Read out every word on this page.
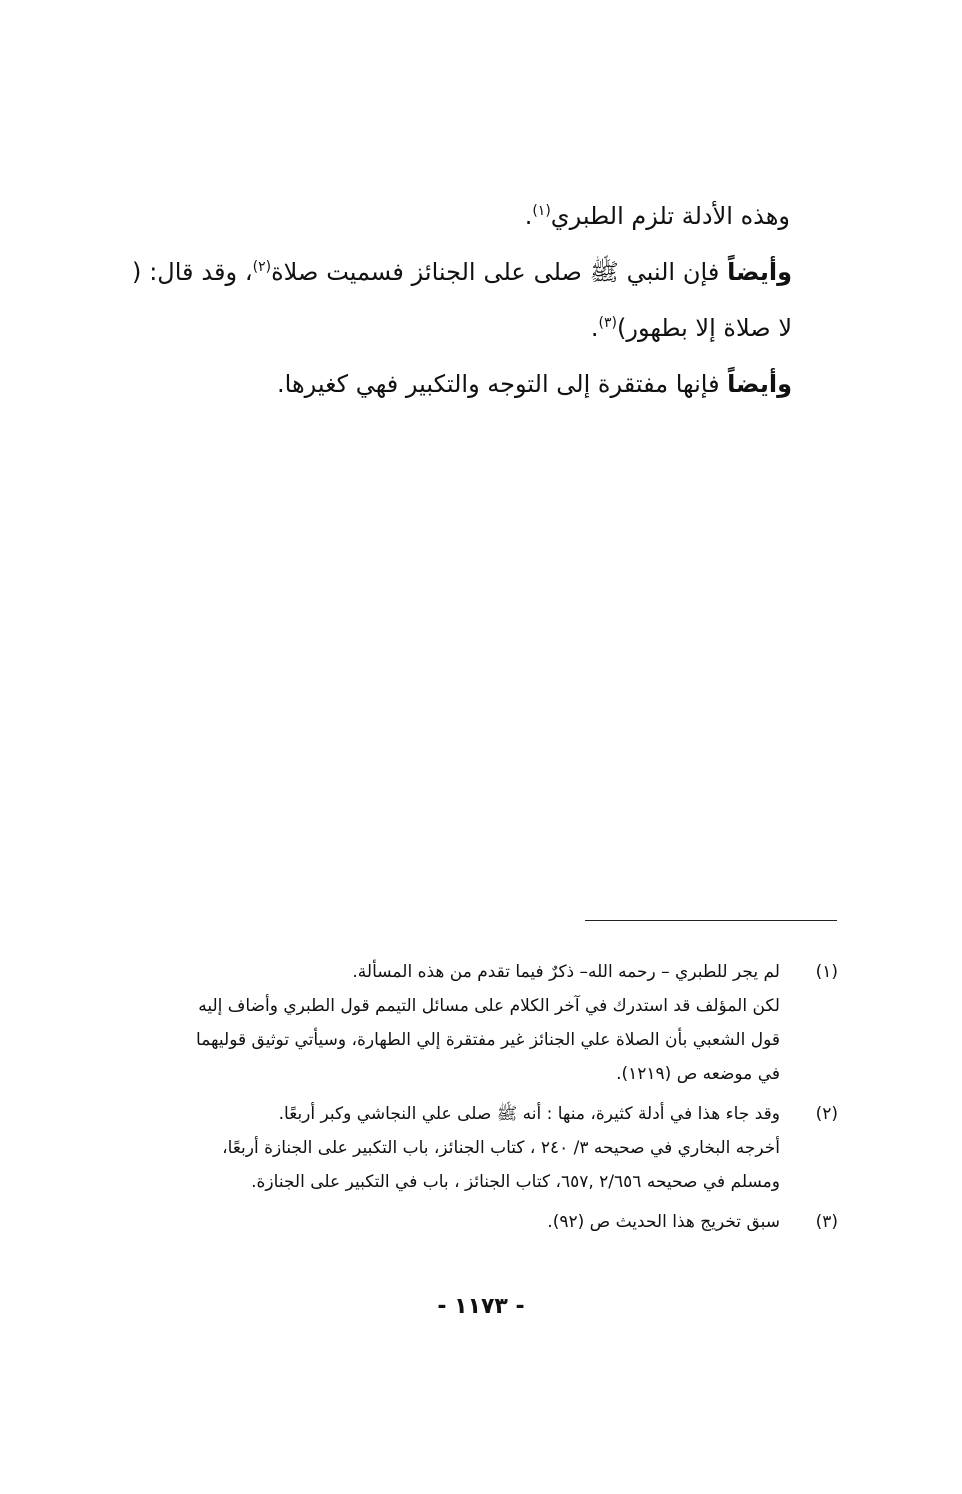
وهذه الأدلة تلزم الطبري$^{(١)}$.

وأيضاً فإن النبي ﷺ صلى على الجنائز فسميت صلاة$^{(٢)}$، وقد قال: ( لا صلاة إلا بطهور)$^{(٣)}$.

وأيضاً فإنها مفتقرة إلى التوجه والتكبير فهي كغيرها.

(١)
لم يجر للطبري – رحمه الله– ذكرٌ فيما تقدم من هذه المسألة.
لكن المؤلف قد استدرك في آخر الكلام على مسائل التيمم قول الطبري وأضاف إليه
قول الشعبي بأن الصلاة علي الجنائز غير مفتقرة إلي الطهارة، وسيأتي توثيق قوليهما
في موضعه ص (١٢١٩).
(٢)
وقد جاء هذا في أدلة كثيرة، منها : أنه ﷺ صلى علي النجاشي وكبر أربعًا.
أخرجه البخاري في صحيحه ٣/ ٢٤٠ ، كتاب الجنائز، باب التكبير على الجنازة أربعًا،
ومسلم في صحيحه ٢/٦٥٦ ,٦٥٧، كتاب الجنائز ، باب في التكبير على الجنازة.
(٣)
سبق تخريج هذا الحديث ص (٩٢).
- ١١٧٣ -
